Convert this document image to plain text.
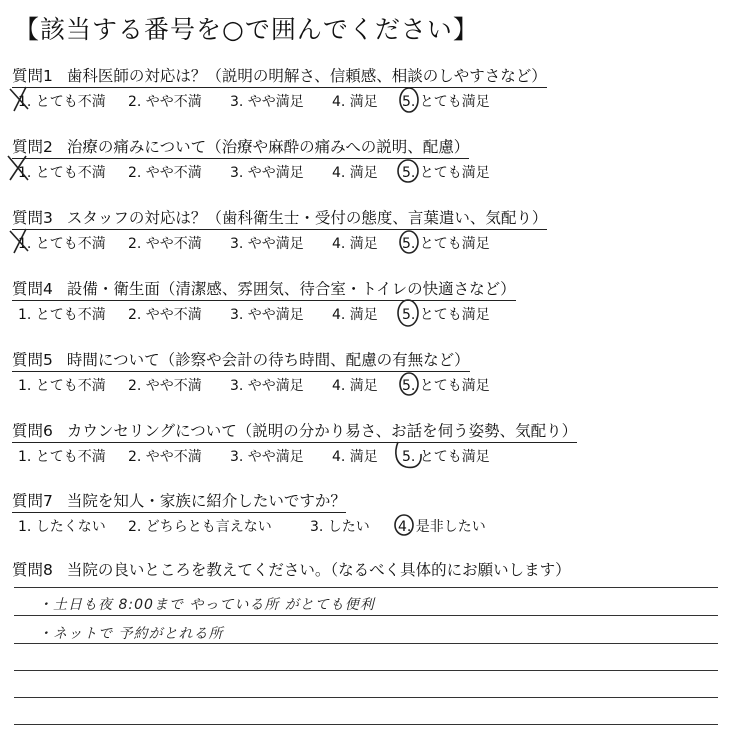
【該当する番号を○で囲んでください】
質問1 歯科医師の対応は？（説明の明解さ、信頼感、相談のしやすさなど）
1. とても不満 2. やや不満 3. やや満足 4. 満足 5. とても満足
質問2 治療の痛みについて（治療や麻酔の痛みへの説明、配慮）
1. とても不満 2. やや不満 3. やや満足 4. 満足 5. とても満足
質問3 スタッフの対応は？（歯科衛生士・受付の態度、言葉遣い、気配り）
1. とても不満 2. やや不満 3. やや満足 4. 満足 5. とても満足
質問4 設備・衛生面（清潔感、雰囲気、待合室・トイレの快適さなど）
1. とても不満 2. やや不満 3. やや満足 4. 満足 5. とても満足
質問5 時間について（診察や会計の待ち時間、配慮の有無など）
1. とても不満 2. やや不満 3. やや満足 4. 満足 5. とても満足
質問6 カウンセリングについて（説明の分かり易さ、お話を伺う姿勢、気配り）
1. とても不満 2. やや不満 3. やや満足 4. 満足 5. とても満足
質問7 当院を知人・家族に紹介したいですか？
1. したくない 2. どちらとも言えない	3. したい 4. 是非したい
質問8 当院の良いところを教えてください。（なるべく具体的にお願いします）
・土日も夜 8:00まで やっている所 がとても便利
・ネットで 予約がとれる所
